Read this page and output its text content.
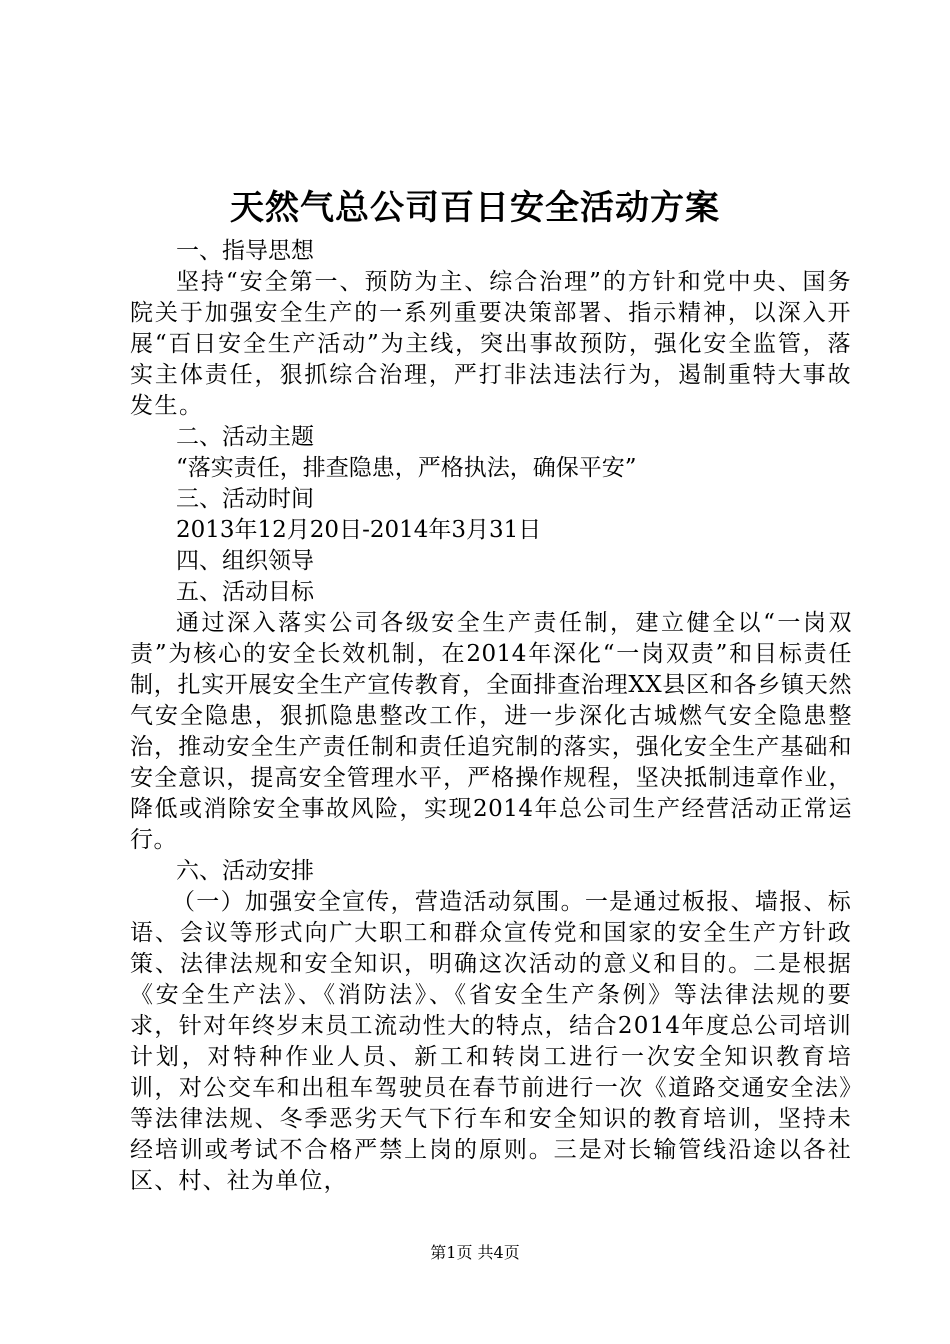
天然气总公司百日安全活动方案

一、指导思想

坚持“安全第一、预防为主、综合治理”的方针和党中央、国务院关于加强安全生产的一系列重要决策部署、指示精神，以深入开展“百日安全生产活动”为主线，突出事故预防，强化安全监管，落实主体责任，狠抓综合治理，严打非法违法行为，遏制重特大事故发生。

二、活动主题

“落实责任，排查隐患，严格执法，确保平安”

三、活动时间

2013年12月20日-2014年3月31日

四、组织领导

五、活动目标

通过深入落实公司各级安全生产责任制，建立健全以“一岗双责”为核心的安全长效机制，在2014年深化“一岗双责”和目标责任制，扎实开展安全生产宣传教育，全面排查治理XX县区和各乡镇天然气安全隐患，狠抓隐患整改工作，进一步深化古城燃气安全隐患整治，推动安全生产责任制和责任追究制的落实，强化安全生产基础和安全意识，提高安全管理水平，严格操作规程，坚决抵制违章作业，降低或消除安全事故风险，实现2014年总公司生产经营活动正常运行。

六、活动安排

（一）加强安全宣传，营造活动氛围。一是通过板报、墙报、标语、会议等形式向广大职工和群众宣传党和国家的安全生产方针政策、法律法规和安全知识，明确这次活动的意义和目的。二是根据《安全生产法》、《消防法》、《省安全生产条例》等法律法规的要求，针对年终岁末员工流动性大的特点，结合2014年度总公司培训计划，对特种作业人员、新工和转岗工进行一次安全知识教育培训，对公交车和出租车驾驶员在春节前进行一次《道路交通安全法》等法律法规、冬季恶劣天气下行车和安全知识的教育培训，坚持未经培训或考试不合格严禁上岗的原则。三是对长输管线沿途以各社区、村、社为单位，

第1页 共4页
